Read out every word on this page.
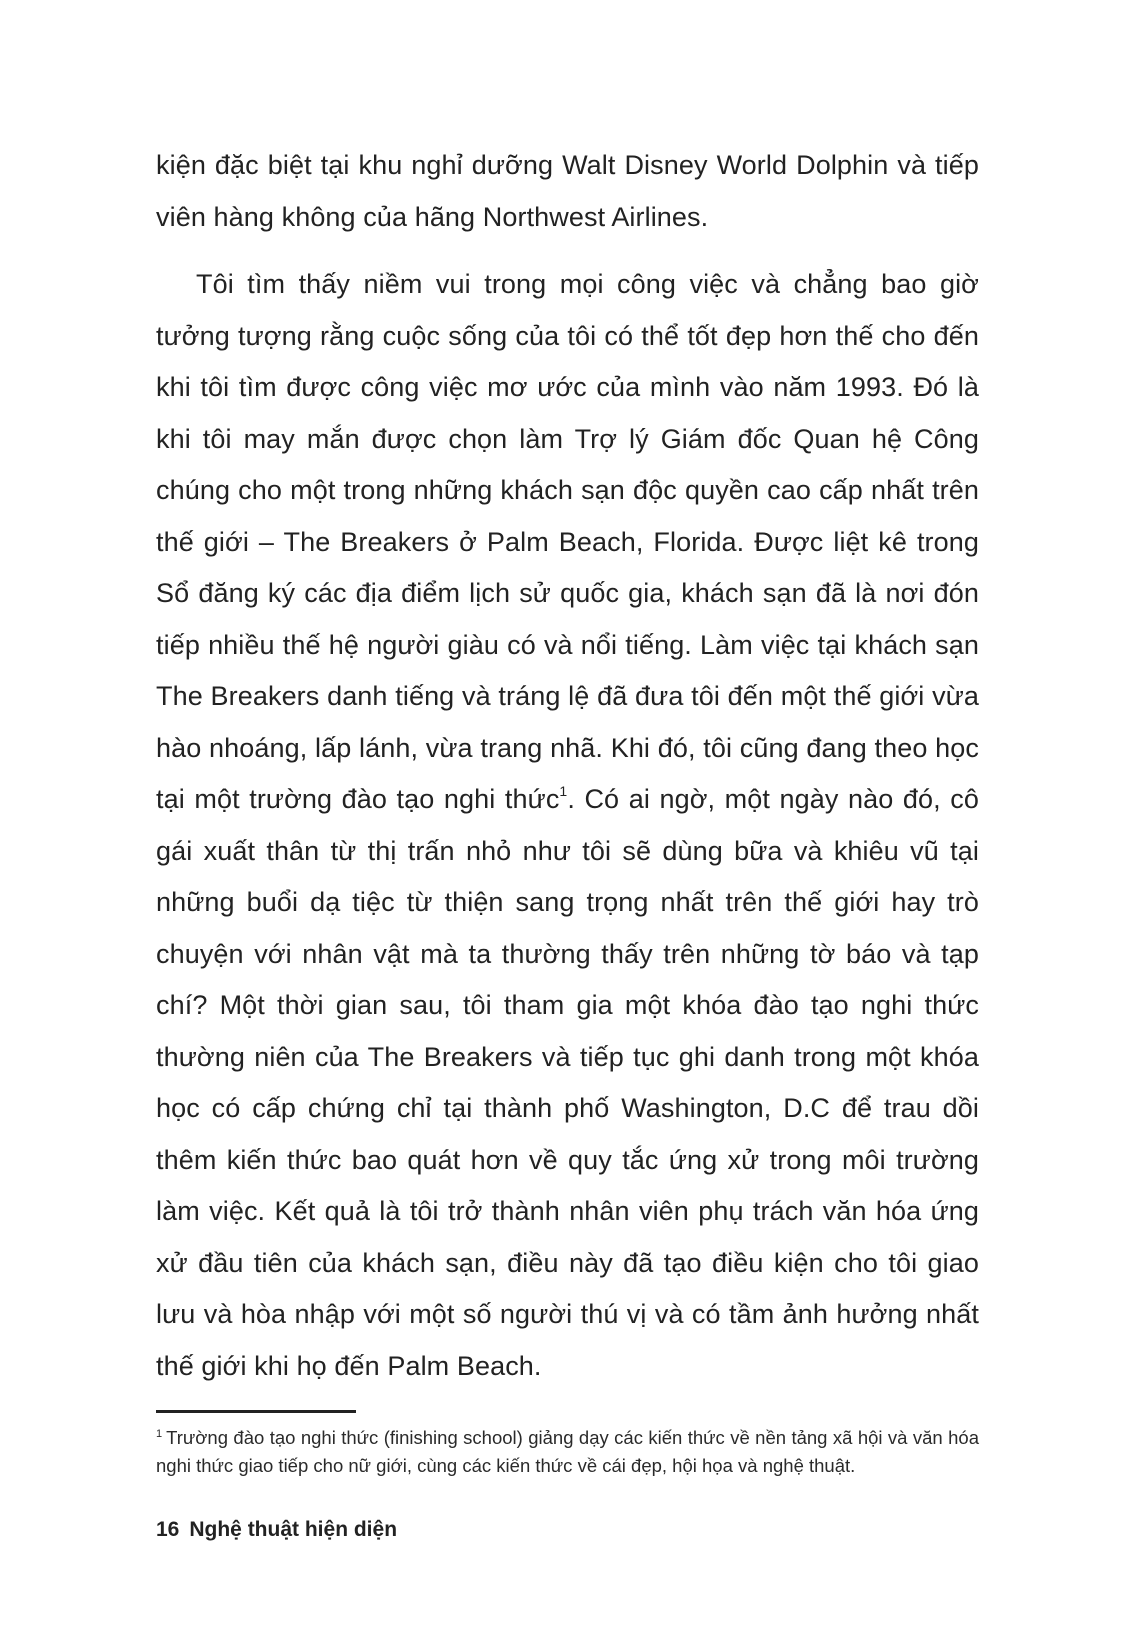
kiện đặc biệt tại khu nghỉ dưỡng Walt Disney World Dolphin và tiếp viên hàng không của hãng Northwest Airlines.

Tôi tìm thấy niềm vui trong mọi công việc và chẳng bao giờ tưởng tượng rằng cuộc sống của tôi có thể tốt đẹp hơn thế cho đến khi tôi tìm được công việc mơ ước của mình vào năm 1993. Đó là khi tôi may mắn được chọn làm Trợ lý Giám đốc Quan hệ Công chúng cho một trong những khách sạn độc quyền cao cấp nhất trên thế giới – The Breakers ở Palm Beach, Florida. Được liệt kê trong Sổ đăng ký các địa điểm lịch sử quốc gia, khách sạn đã là nơi đón tiếp nhiều thế hệ người giàu có và nổi tiếng. Làm việc tại khách sạn The Breakers danh tiếng và tráng lệ đã đưa tôi đến một thế giới vừa hào nhoáng, lấp lánh, vừa trang nhã. Khi đó, tôi cũng đang theo học tại một trường đào tạo nghi thức$^1$. Có ai ngờ, một ngày nào đó, cô gái xuất thân từ thị trấn nhỏ như tôi sẽ dùng bữa và khiêu vũ tại những buổi dạ tiệc từ thiện sang trọng nhất trên thế giới hay trò chuyện với nhân vật mà ta thường thấy trên những tờ báo và tạp chí? Một thời gian sau, tôi tham gia một khóa đào tạo nghi thức thường niên của The Breakers và tiếp tục ghi danh trong một khóa học có cấp chứng chỉ tại thành phố Washington, D.C để trau dồi thêm kiến thức bao quát hơn về quy tắc ứng xử trong môi trường làm việc. Kết quả là tôi trở thành nhân viên phụ trách văn hóa ứng xử đầu tiên của khách sạn, điều này đã tạo điều kiện cho tôi giao lưu và hòa nhập với một số người thú vị và có tầm ảnh hưởng nhất thế giới khi họ đến Palm Beach.

$^1$ Trường đào tạo nghi thức (finishing school) giảng dạy các kiến thức về nền tảng xã hội và văn hóa nghi thức giao tiếp cho nữ giới, cùng các kiến thức về cái đẹp, hội họa và nghệ thuật.

16 Nghệ thuật hiện diện
